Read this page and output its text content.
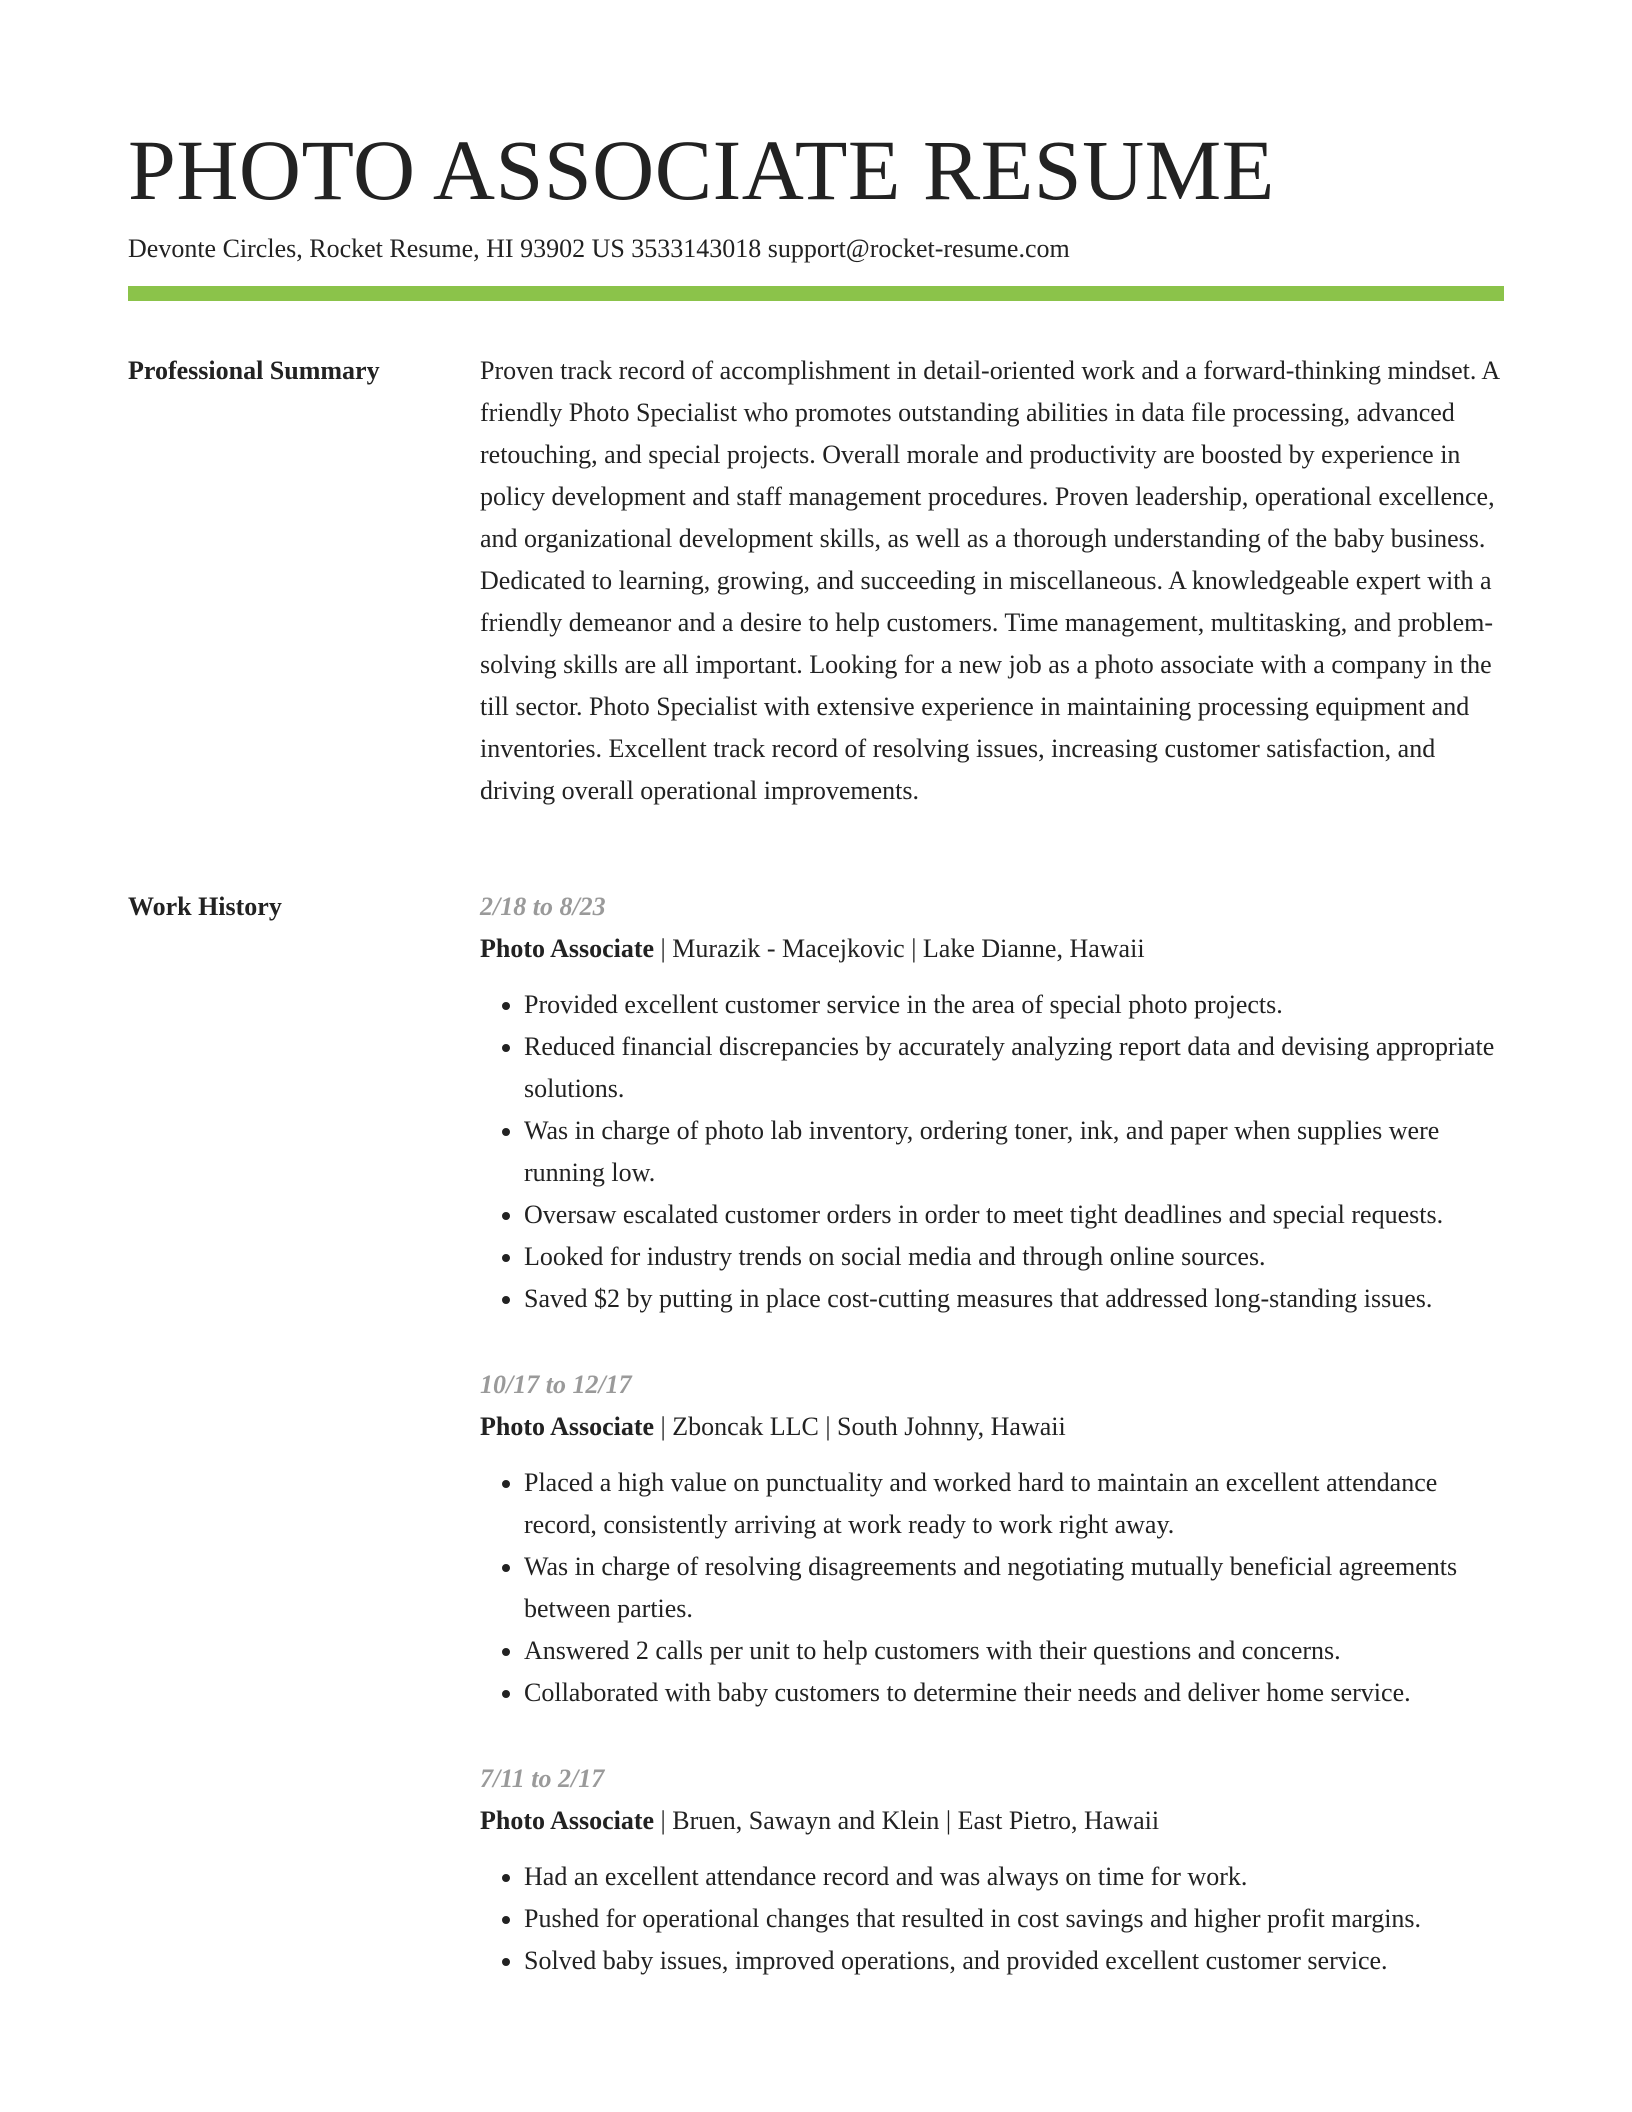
PHOTO ASSOCIATE RESUME
Devonte Circles, Rocket Resume, HI 93902 US 3533143018 support@rocket-resume.com
Professional Summary	Proven track record of accomplishment in detail-oriented work and a forward-thinking mindset. A friendly Photo Specialist who promotes outstanding abilities in data file processing, advanced retouching, and special projects. Overall morale and productivity are boosted by experience in policy development and staff management procedures. Proven leadership, operational excellence, and organizational development skills, as well as a thorough understanding of the baby business. Dedicated to learning, growing, and succeeding in miscellaneous. A knowledgeable expert with a friendly demeanor and a desire to help customers. Time management, multitasking, and problem-solving skills are all important. Looking for a new job as a photo associate with a company in the till sector. Photo Specialist with extensive experience in maintaining processing equipment and inventories. Excellent track record of resolving issues, increasing customer satisfaction, and driving overall operational improvements.

Work History	2/18 to 8/23
Photo Associate | Murazik - Macejkovic | Lake Dianne, Hawaii
• Provided excellent customer service in the area of special photo projects.
• Reduced financial discrepancies by accurately analyzing report data and devising appropriate solutions.
• Was in charge of photo lab inventory, ordering toner, ink, and paper when supplies were running low.
• Oversaw escalated customer orders in order to meet tight deadlines and special requests.
• Looked for industry trends on social media and through online sources.
• Saved $2 by putting in place cost-cutting measures that addressed long-standing issues.
10/17 to 12/17
Photo Associate | Zboncak LLC | South Johnny, Hawaii
• Placed a high value on punctuality and worked hard to maintain an excellent attendance record, consistently arriving at work ready to work right away.
• Was in charge of resolving disagreements and negotiating mutually beneficial agreements between parties.
• Answered 2 calls per unit to help customers with their questions and concerns.
• Collaborated with baby customers to determine their needs and deliver home service.
7/11 to 2/17
Photo Associate | Bruen, Sawayn and Klein | East Pietro, Hawaii
• Had an excellent attendance record and was always on time for work.
• Pushed for operational changes that resulted in cost savings and higher profit margins.
• Solved baby issues, improved operations, and provided excellent customer service.
